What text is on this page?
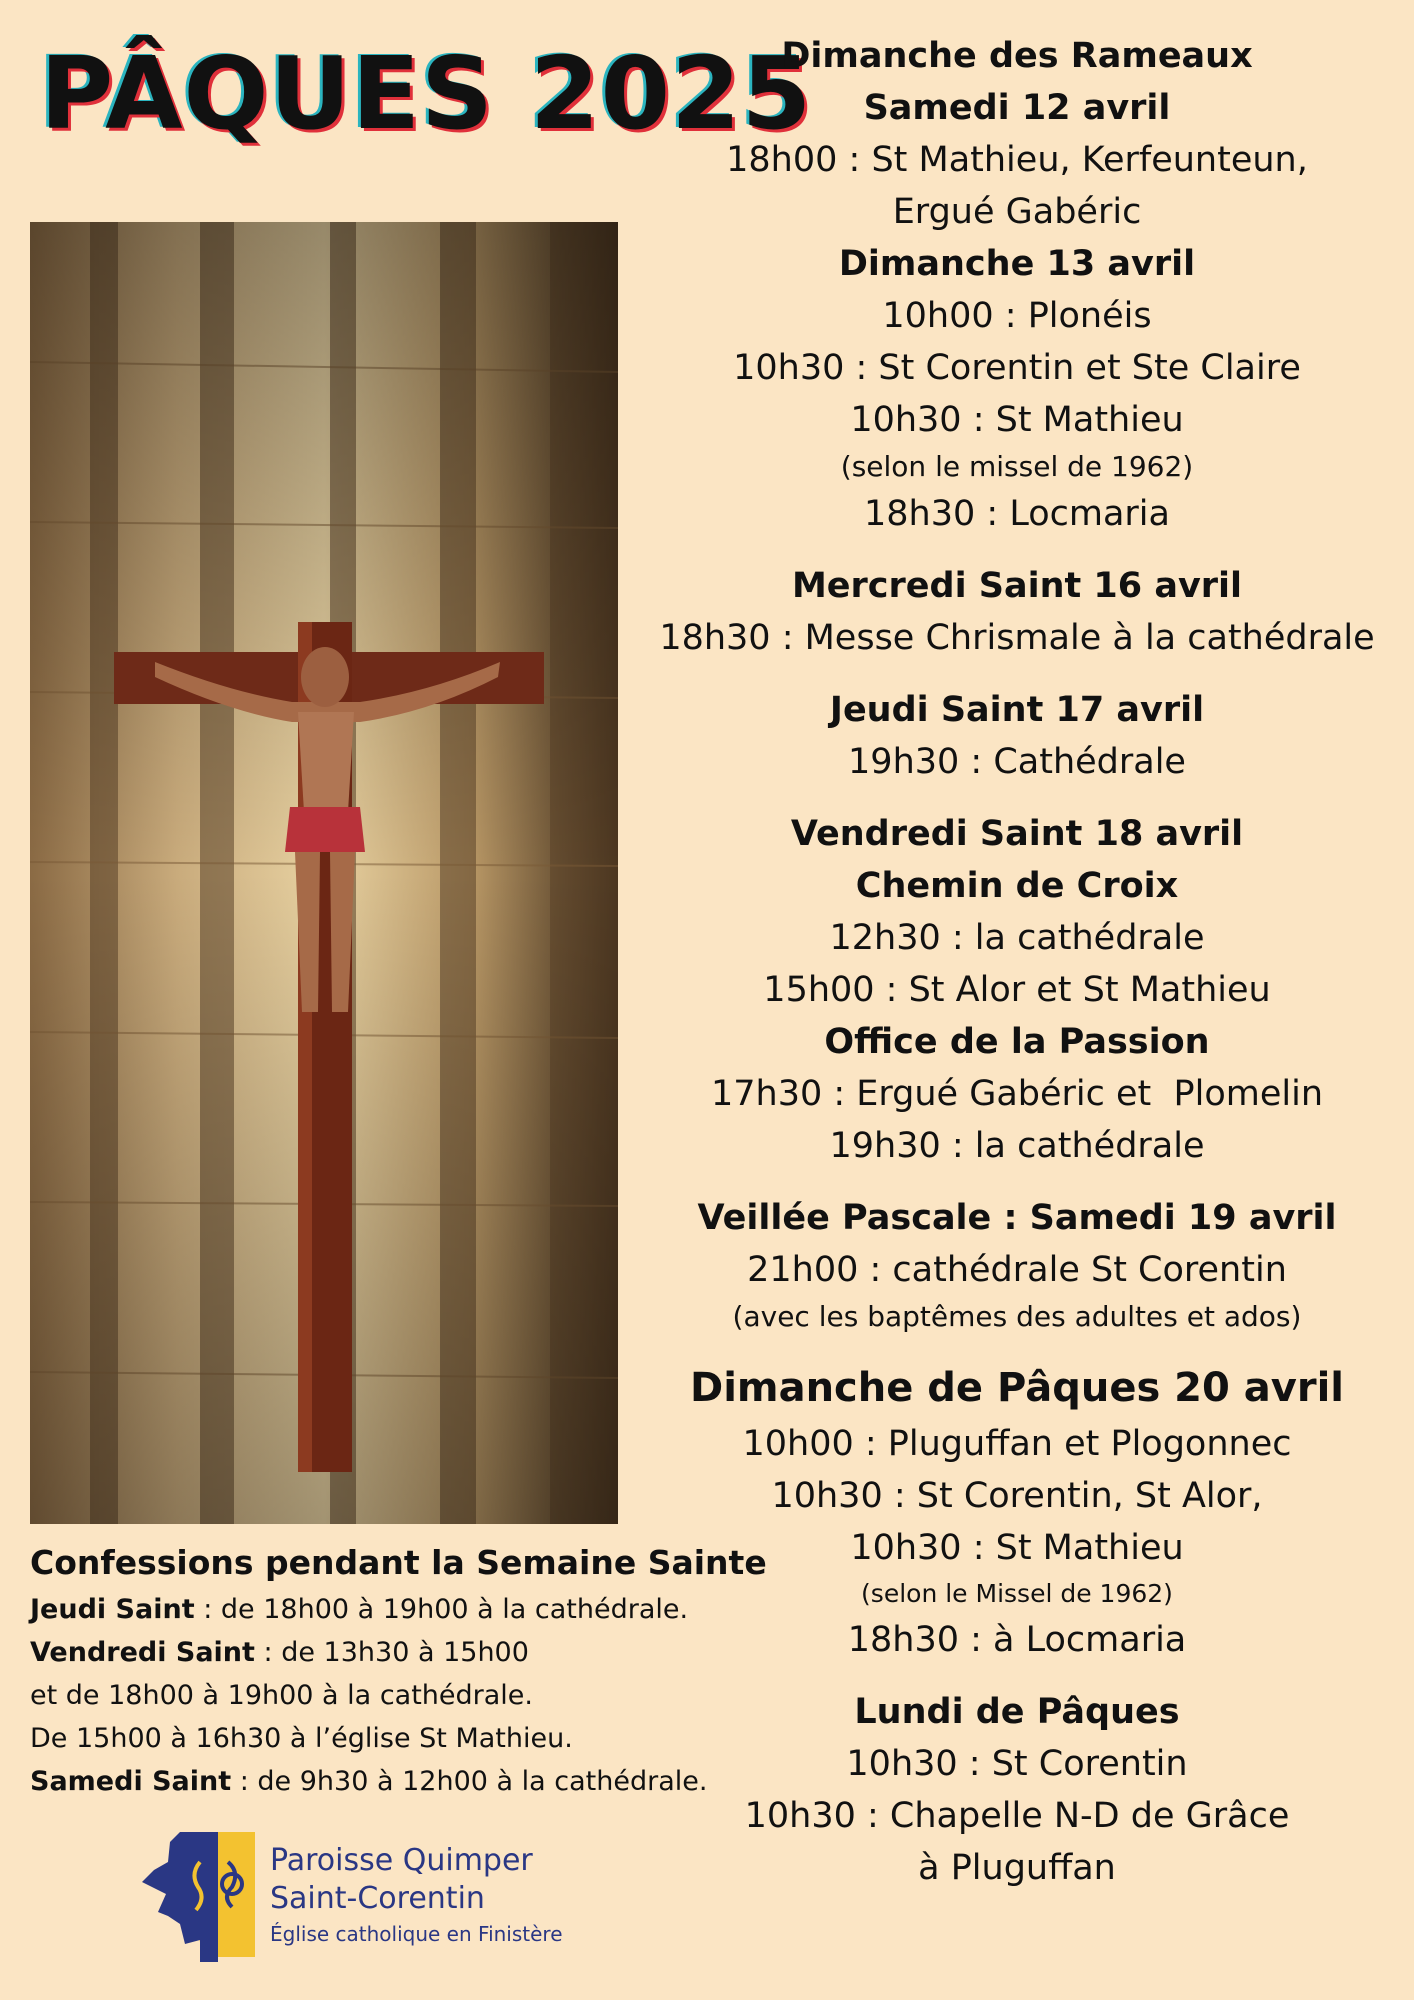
PÂQUES 2025
Dimanche des Rameaux
Samedi 12 avril
18h00 : St Mathieu, Kerfeunteun,
Ergué Gabéric
Dimanche 13 avril
10h00 : Plonéis
10h30 : St Corentin et Ste Claire
10h30 : St Mathieu
(selon le missel de 1962)
18h30 : Locmaria
Mercredi Saint 16 avril
18h30 : Messe Chrismale à la cathédrale
Jeudi Saint 17 avril
19h30 : Cathédrale
Vendredi Saint 18 avril
Chemin de Croix
12h30 : la cathédrale
15h00 : St Alor et St Mathieu
Office de la Passion
17h30 : Ergué Gabéric et  Plomelin
19h30 : la cathédrale
Veillée Pascale : Samedi 19 avril
21h00 : cathédrale St Corentin
(avec les baptêmes des adultes et ados)
Dimanche de Pâques 20 avril
10h00 : Pluguffan et Plogonnec
10h30 : St Corentin, St Alor,
10h30 : St Mathieu
(selon le Missel de 1962)
18h30 : à Locmaria
Lundi de Pâques
10h30 : St Corentin
10h30 : Chapelle N-D de Grâce
à Pluguffan
Confessions pendant la Semaine Sainte
Jeudi Saint : de 18h00 à 19h00 à la cathédrale.
Vendredi Saint : de 13h30 à 15h00
et de 18h00 à 19h00 à la cathédrale.
De 15h00 à 16h30 à l’église St Mathieu.
Samedi Saint : de 9h30 à 12h00 à la cathédrale.
Paroisse Quimper
Saint-Corentin
Église catholique en Finistère
